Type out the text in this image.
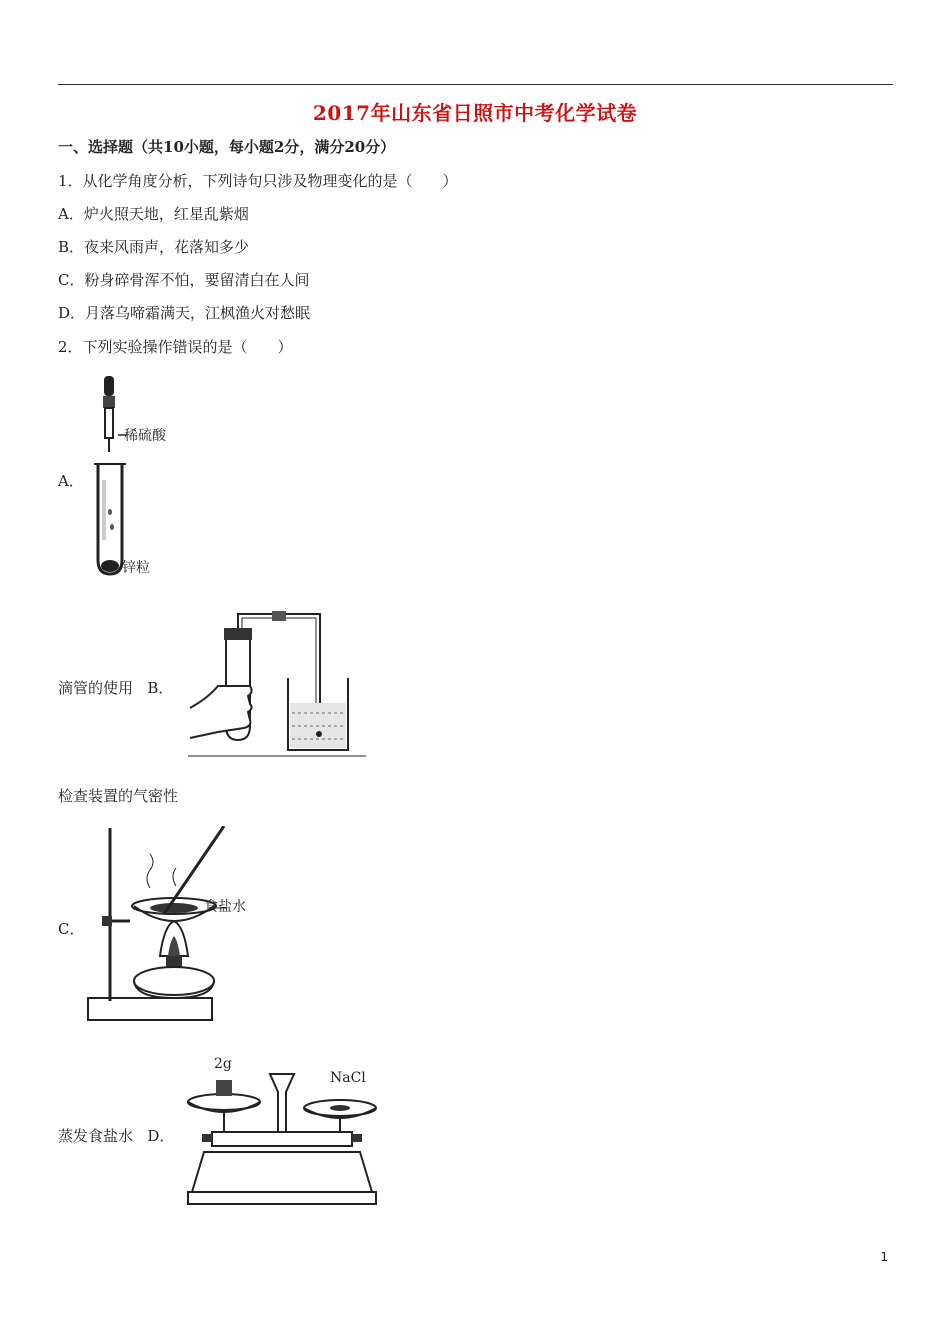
2017年山东省日照市中考化学试卷
一、选择题（共10小题，每小题2分，满分20分）
1．从化学角度分析，下列诗句只涉及物理变化的是（　　）
A．炉火照天地，红星乱紫烟
B．夜来风雨声，花落知多少
C．粉身碎骨浑不怕，要留清白在人间
D．月落乌啼霜满天，江枫渔火对愁眠
2．下列实验操作错误的是（　　）
A．
稀硫酸
锌粒
滴管的使用 B．
检查装置的气密性
C．
食盐水
蒸发食盐水 D．
2g
NaCl
1
